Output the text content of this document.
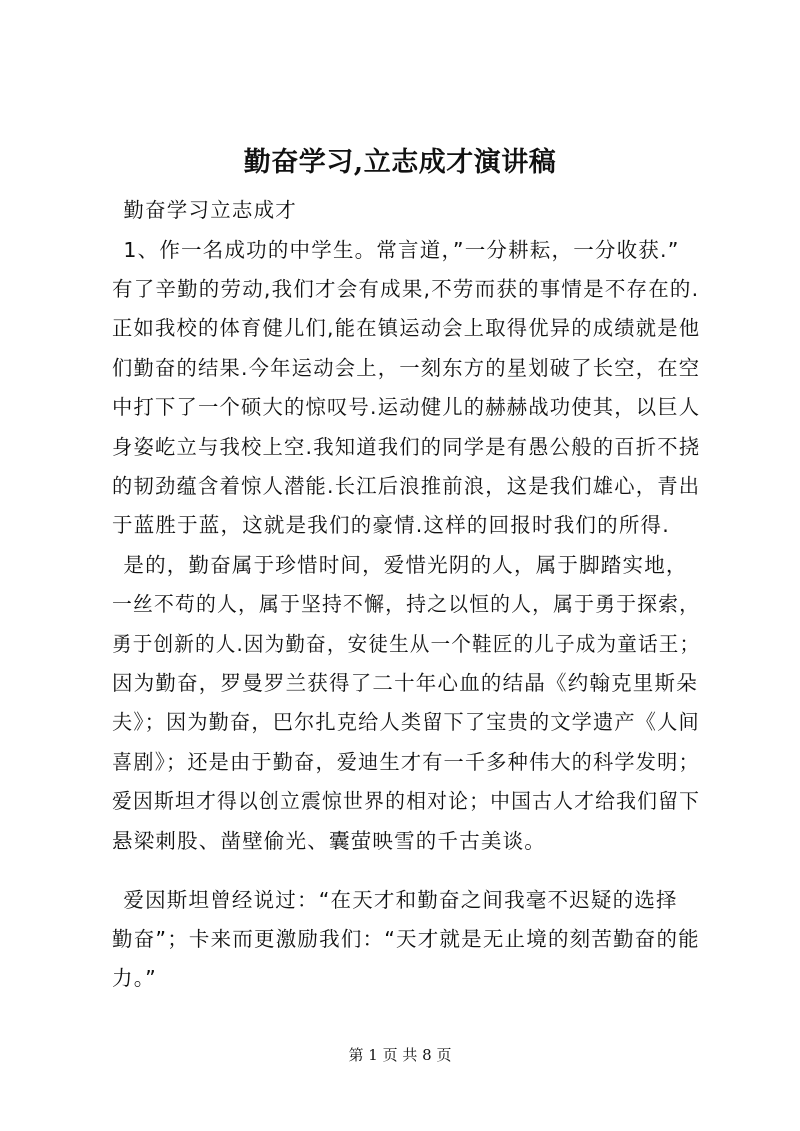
勤奋学习,立志成才演讲稿
　　勤奋学习立志成才
　　1、作一名成功的中学生。常言道，”一分耕耘，一分收获.”
有了辛勤的劳动,我们才会有成果,不劳而获的事情是不存在的.
正如我校的体育健儿们,能在镇运动会上取得优异的成绩就是他
们勤奋的结果.今年运动会上，一刻东方的星划破了长空，在空
中打下了一个硕大的惊叹号.运动健儿的赫赫战功使其，以巨人
身姿屹立与我校上空.我知道我们的同学是有愚公般的百折不挠
的韧劲蕴含着惊人潜能.长江后浪推前浪，这是我们雄心，青出
于蓝胜于蓝，这就是我们的豪情.这样的回报时我们的所得.
　　是的，勤奋属于珍惜时间，爱惜光阴的人，属于脚踏实地，
一丝不苟的人，属于坚持不懈，持之以恒的人，属于勇于探索，
勇于创新的人.因为勤奋，安徒生从一个鞋匠的儿子成为童话王；
因为勤奋，罗曼罗兰获得了二十年心血的结晶《约翰克里斯朵
夫》；因为勤奋，巴尔扎克给人类留下了宝贵的文学遗产《人间
喜剧》；还是由于勤奋，爱迪生才有一千多种伟大的科学发明；
爱因斯坦才得以创立震惊世界的相对论；中国古人才给我们留下
悬梁刺股、凿壁偷光、囊萤映雪的千古美谈。
　　爱因斯坦曾经说过：“在天才和勤奋之间我毫不迟疑的选择
勤奋”；卡来而更激励我们：“天才就是无止境的刻苦勤奋的能
力。”
第 1 页 共 8 页
